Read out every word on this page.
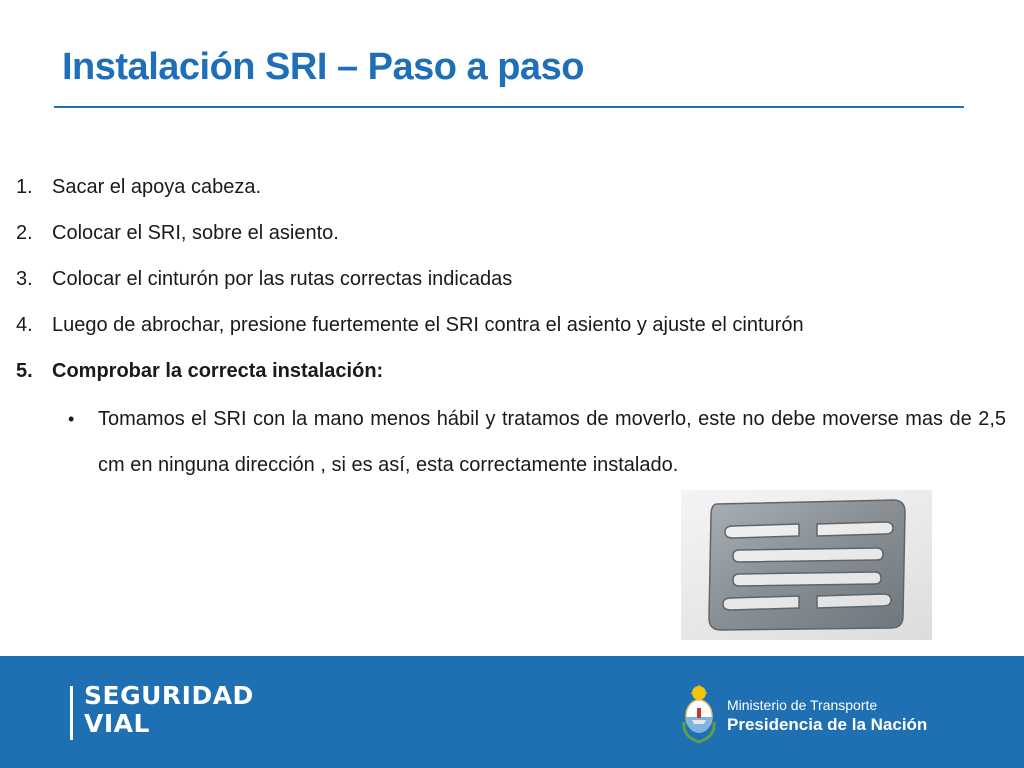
Instalación SRI – Paso a paso
1. Sacar el apoya cabeza.
2. Colocar el SRI, sobre el asiento.
3. Colocar el cinturón por las rutas correctas indicadas
4. Luego de abrochar, presione fuertemente el SRI contra el asiento y ajuste el cinturón
5. Comprobar la correcta instalación:
• Tomamos el SRI con la mano menos hábil y tratamos de moverlo, este no debe moverse mas de 2,5 cm en ninguna dirección , si es así, esta correctamente instalado.
SEGURIDAD
VIAL
Ministerio de Transporte
Presidencia de la Nación
